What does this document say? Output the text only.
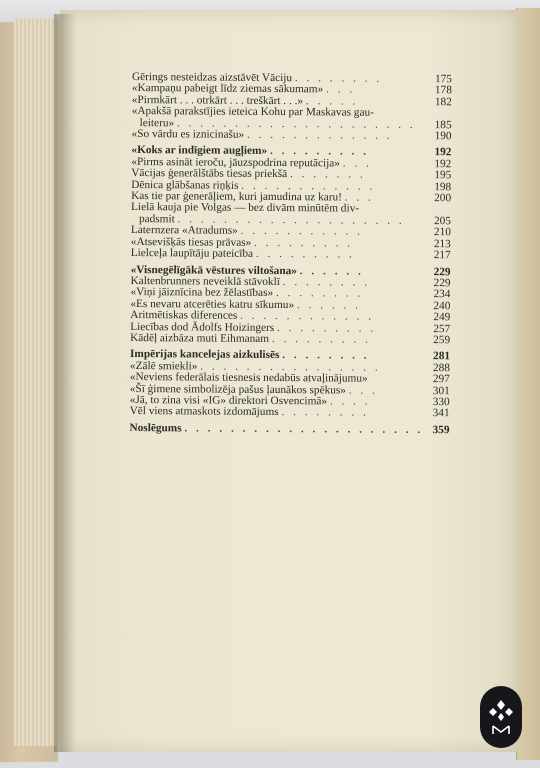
Gērings nesteidzas aizstāvēt Vāciju . . . . . . . .	175
«Kampaņu pabeigt līdz ziemas sākumam» . . .	178
«Pirmkārt . . . otrkārt . . . treškārt . . .» . . . . .	182
«Apakšā parakstījies ieteica Kohu par Maskavas gau-
leiteru» . . . . . . . . . . . . . . . . . . . . . 185
«So vārdu es iznicinašu» . . . . . . . . . . . . .	190
«Koks ar indīgiem augļiem» . . . . . . . . .	192
«Pirms asināt ieroču, jāuzspodrina reputācija» . . .	192
Vācijas ģenerālštābs tiesas priekšā . . . . . . .	195
Dēnica glābšanas riņķis . . . . . . . . . . . .	198
Kas tie par ģenerāļiem, kuri jamudina uz karu! . . .	200
Lielā kauja pie Volgas — bez divām minūtēm div-
padsmit . . . . . . . . . . . . . . . . . . . .	205
Laternzera «Atradums» . . . . . . . . . . .	210
«Atsevišķās tiesas prāvas» . . . . . . . . .	213
Lielceļa laupītāju pateicība . . . . . . . . .	217
«Visnegēlīgākā vēstures viltošana» . . . . . .	229
Kaltenbrunners neveiklā stāvoklī . . . . . . . .	229
«Viņi jāiznīcina bez žēlastības» . . . . . . . .	234
«Es nevaru atcerēties katru sīkumu» . . . . . .	240
Aritmētiskas diferences . . . . . . . . . . . .	249
Liecības dod Ādolfs Hoizingers . . . . . . . . .	257
Kādēļ aizbāza muti Eihmanam . . . . . . . . .	259
Impērijas kancelejas aizkulisēs . . . . . . . .	281
«Zālē smiekli» . . . . . . . . . . . . . . . .	288
«Neviens federālais tiesnesis nedabūs atvaļinājumu»	297
«Šī ģimene simbolizēja pašus ļaunākos spēkus» . . .	301
«Jā, to zina visi «IG» direktori Osvencimā» . . . .	330
Vēl viens atmaskots izdomājums . . . . . . . .	341
Noslēgums . . . . . . . . . . . . . . . . . . . . . 359
